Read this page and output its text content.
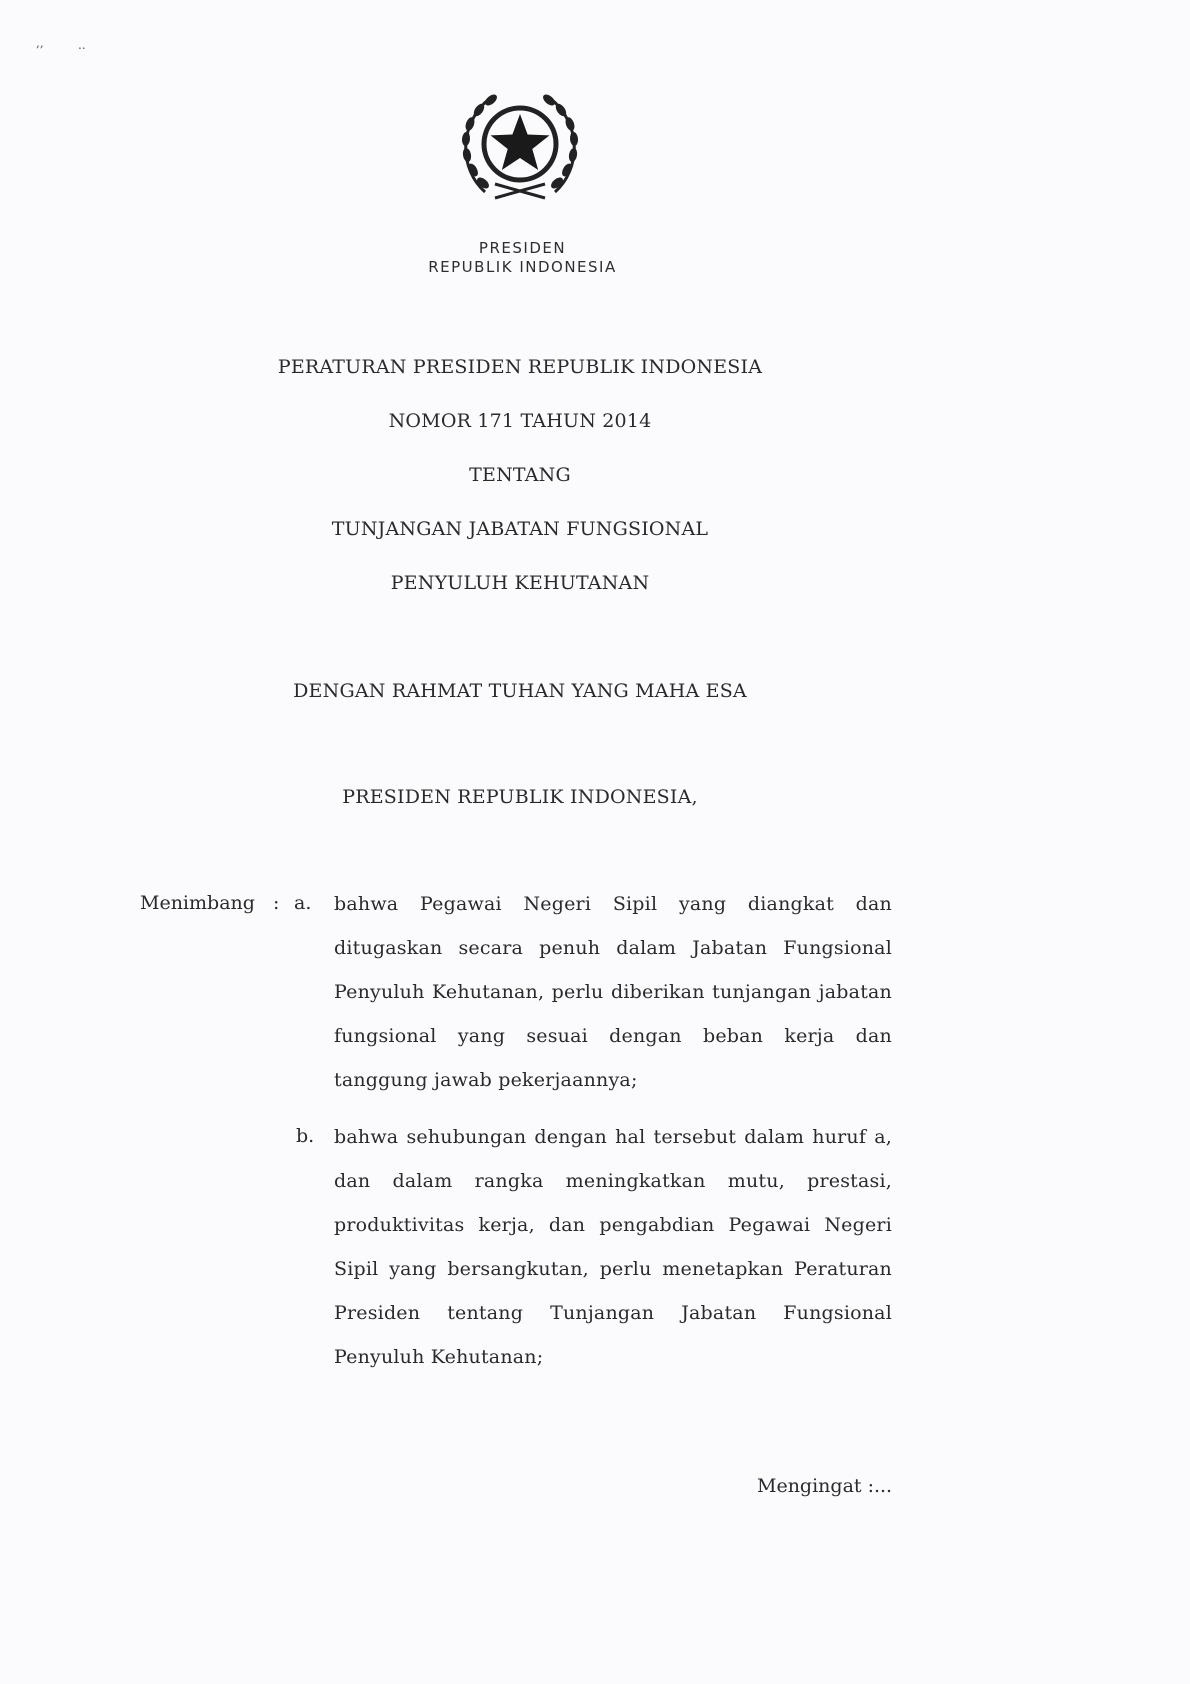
,,	..
PRESIDEN
REPUBLIK INDONESIA
PERATURAN PRESIDEN REPUBLIK INDONESIA
NOMOR 171 TAHUN 2014
TENTANG
TUNJANGAN JABATAN FUNGSIONAL
PENYULUH KEHUTANAN
DENGAN RAHMAT TUHAN YANG MAHA ESA
PRESIDEN REPUBLIK INDONESIA,
Menimbang : a. bahwa Pegawai Negeri Sipil yang diangkat dan ditugaskan secara penuh dalam Jabatan Fungsional Penyuluh Kehutanan, perlu diberikan tunjangan jabatan fungsional yang sesuai dengan beban kerja dan tanggung jawab pekerjaannya;
b. bahwa sehubungan dengan hal tersebut dalam huruf a, dan dalam rangka meningkatkan mutu, prestasi, produktivitas kerja, dan pengabdian Pegawai Negeri Sipil yang bersangkutan, perlu menetapkan Peraturan Presiden tentang Tunjangan Jabatan Fungsional Penyuluh Kehutanan;
Mengingat :...
